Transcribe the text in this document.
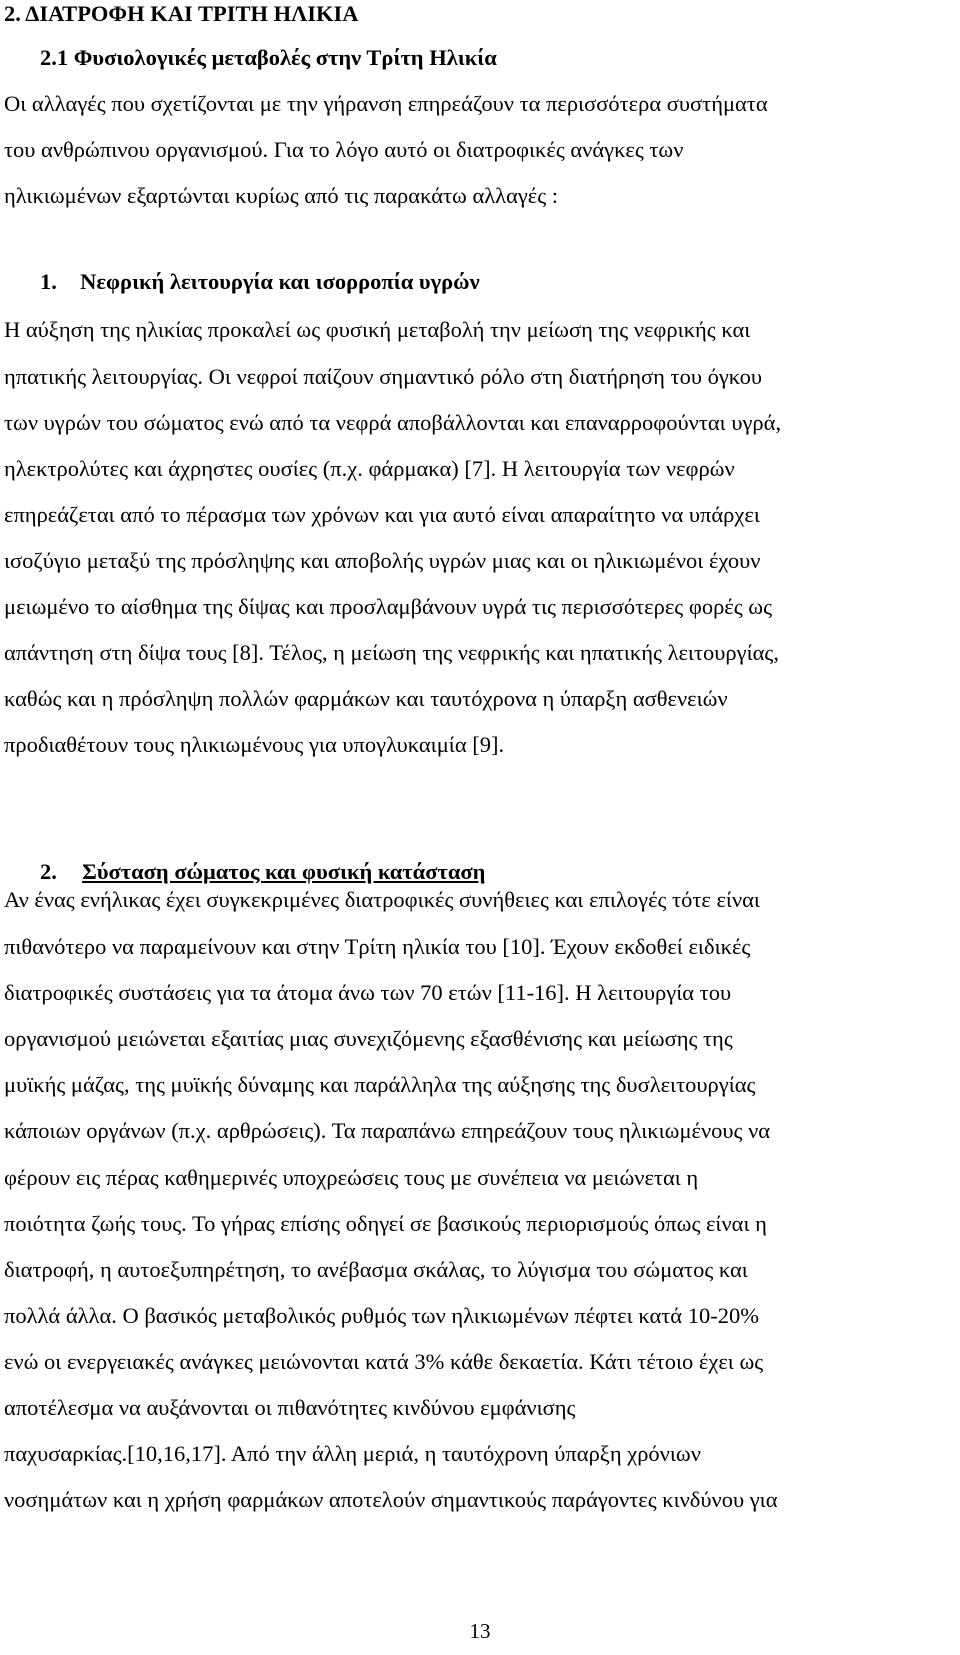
2. ΔΙΑΤΡΟΦΗ ΚΑΙ ΤΡΙΤΗ ΗΛΙΚΙΑ
2.1 Φυσιολογικές μεταβολές στην Τρίτη Ηλικία
Οι αλλαγές που σχετίζονται με την γήρανση επηρεάζουν τα περισσότερα συστήματα
του ανθρώπινου οργανισμού. Για το λόγο αυτό οι διατροφικές ανάγκες των
ηλικιωμένων εξαρτώνται κυρίως από τις παρακάτω αλλαγές :
1. Νεφρική λειτουργία και ισορροπία υγρών
Η αύξηση της ηλικίας προκαλεί ως φυσική μεταβολή την μείωση της νεφρικής και
ηπατικής λειτουργίας. Οι νεφροί παίζουν σημαντικό ρόλο στη διατήρηση του όγκου
των υγρών του σώματος ενώ από τα νεφρά αποβάλλονται και επαναρροφούνται υγρά,
ηλεκτρολύτες και άχρηστες ουσίες (π.χ. φάρμακα) [7]. Η λειτουργία των νεφρών
επηρεάζεται από το πέρασμα των χρόνων και για αυτό είναι απαραίτητο να υπάρχει
ισοζύγιο μεταξύ της πρόσληψης και αποβολής υγρών μιας και οι ηλικιωμένοι έχουν
μειωμένο το αίσθημα της δίψας και προσλαμβάνουν υγρά τις περισσότερες φορές ως
απάντηση στη δίψα τους [8]. Τέλος, η μείωση της νεφρικής και ηπατικής λειτουργίας,
καθώς και η πρόσληψη πολλών φαρμάκων και ταυτόχρονα η ύπαρξη ασθενειών
προδιαθέτουν τους ηλικιωμένους για υπογλυκαιμία [9].
2. Σύσταση σώματος και φυσική κατάσταση
Αν ένας ενήλικας έχει συγκεκριμένες διατροφικές συνήθειες και επιλογές τότε είναι
πιθανότερο να παραμείνουν και στην Τρίτη ηλικία του [10]. Έχουν εκδοθεί ειδικές
διατροφικές συστάσεις για τα άτομα άνω των 70 ετών [11-16]. Η λειτουργία του
οργανισμού μειώνεται εξαιτίας μιας συνεχιζόμενης εξασθένισης και μείωσης της
μυϊκής μάζας, της μυϊκής δύναμης και παράλληλα της αύξησης της δυσλειτουργίας
κάποιων οργάνων (π.χ. αρθρώσεις). Τα παραπάνω επηρεάζουν τους ηλικιωμένους να
φέρουν εις πέρας καθημερινές υποχρεώσεις τους με συνέπεια να μειώνεται η
ποιότητα ζωής τους. Το γήρας επίσης οδηγεί σε βασικούς περιορισμούς όπως είναι η
διατροφή, η αυτοεξυπηρέτηση, το ανέβασμα σκάλας, το λύγισμα του σώματος και
πολλά άλλα. Ο βασικός μεταβολικός ρυθμός των ηλικιωμένων πέφτει κατά 10-20%
ενώ οι ενεργειακές ανάγκες μειώνονται κατά 3% κάθε δεκαετία. Κάτι τέτοιο έχει ως
αποτέλεσμα να αυξάνονται οι πιθανότητες κινδύνου εμφάνισης
παχυσαρκίας.[10,16,17]. Από την άλλη μεριά, η ταυτόχρονη ύπαρξη χρόνιων
νοσημάτων και η χρήση φαρμάκων αποτελούν σημαντικούς παράγοντες κινδύνου για
13
